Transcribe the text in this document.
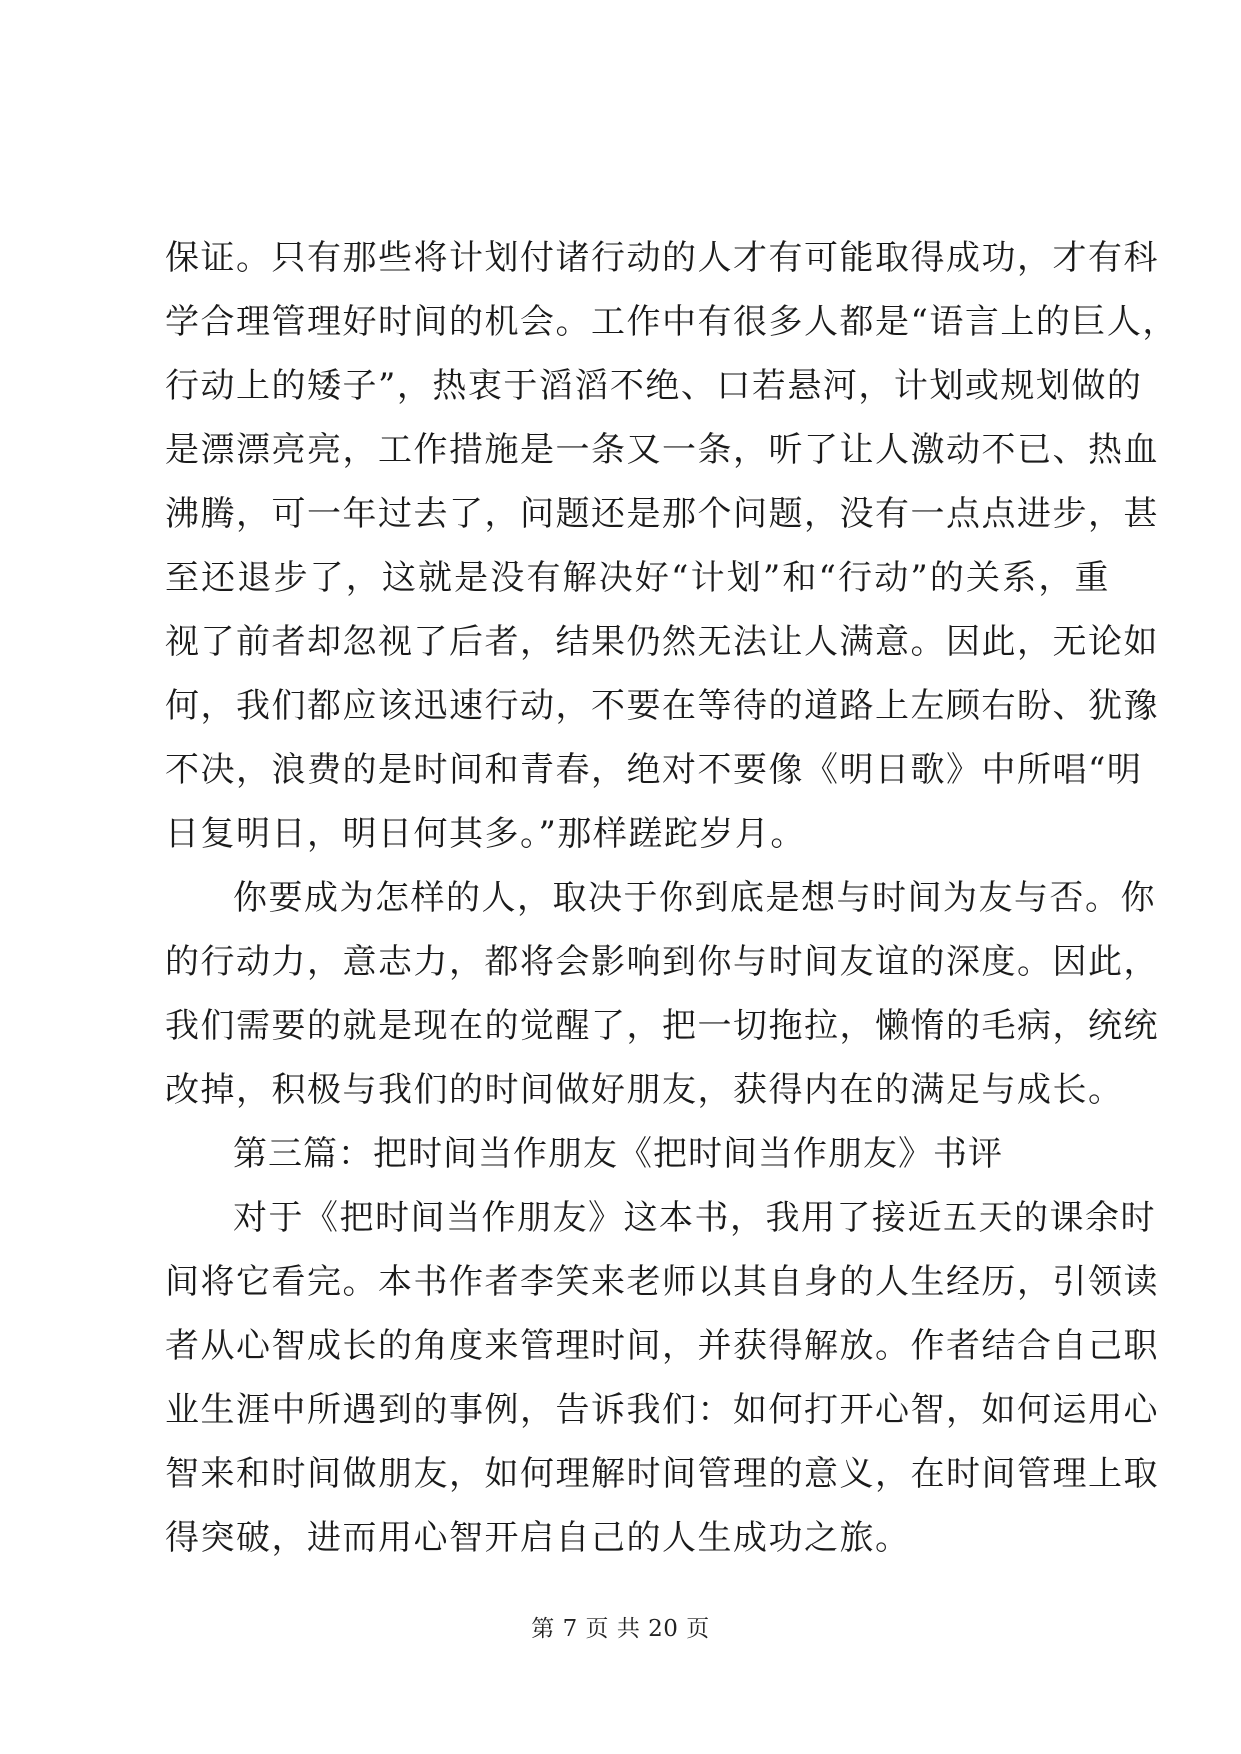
保证。只有那些将计划付诸行动的人才有可能取得成功，才有科
学合理管理好时间的机会。工作中有很多人都是“语言上的巨人，
行动上的矮子”，热衷于滔滔不绝、口若悬河，计划或规划做的
是漂漂亮亮，工作措施是一条又一条，听了让人激动不已、热血
沸腾，可一年过去了，问题还是那个问题，没有一点点进步，甚
至还退步了，这就是没有解决好“计划”和“行动”的关系，重
视了前者却忽视了后者，结果仍然无法让人满意。因此，无论如
何，我们都应该迅速行动，不要在等待的道路上左顾右盼、犹豫
不决，浪费的是时间和青春，绝对不要像《明日歌》中所唱“明
日复明日，明日何其多。”那样蹉跎岁月。
你要成为怎样的人，取决于你到底是想与时间为友与否。你
的行动力，意志力，都将会影响到你与时间友谊的深度。因此，
我们需要的就是现在的觉醒了，把一切拖拉，懒惰的毛病，统统
改掉，积极与我们的时间做好朋友，获得内在的满足与成长。
第三篇：把时间当作朋友《把时间当作朋友》书评
对于《把时间当作朋友》这本书，我用了接近五天的课余时
间将它看完。本书作者李笑来老师以其自身的人生经历，引领读
者从心智成长的角度来管理时间，并获得解放。作者结合自己职
业生涯中所遇到的事例，告诉我们：如何打开心智，如何运用心
智来和时间做朋友，如何理解时间管理的意义，在时间管理上取
得突破，进而用心智开启自己的人生成功之旅。
第 7 页 共 20 页
